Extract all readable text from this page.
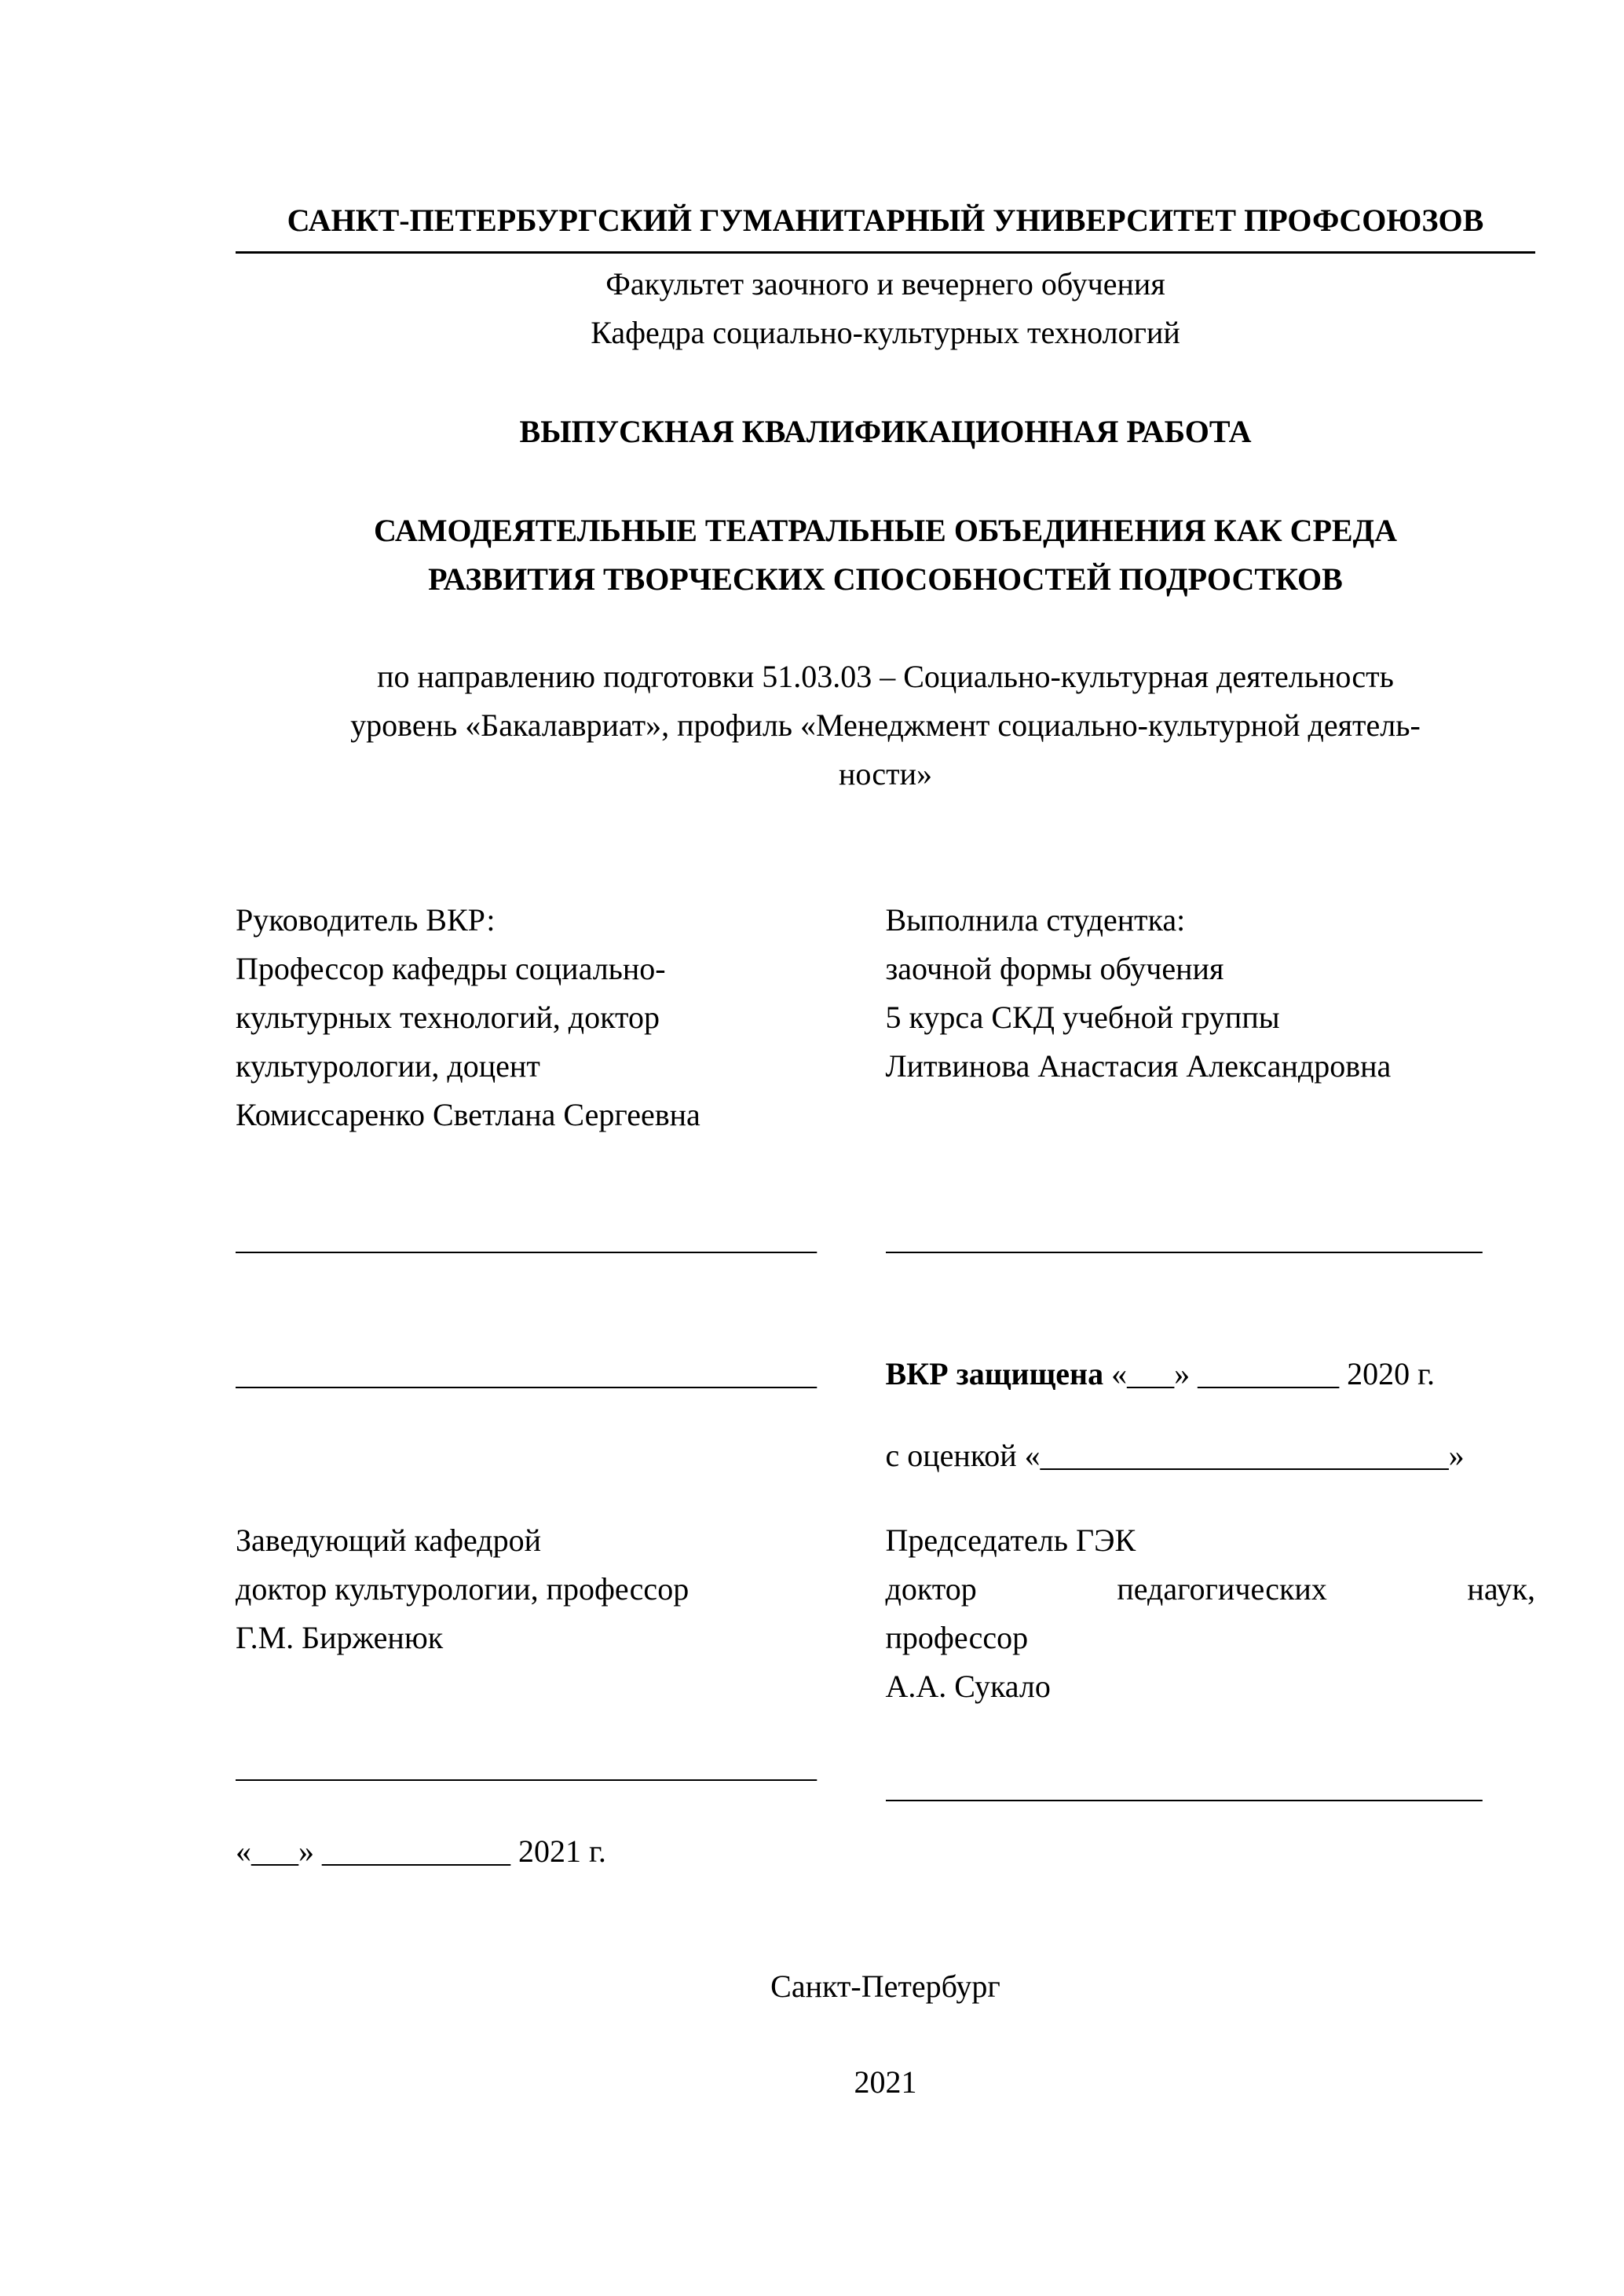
САНКТ-ПЕТЕРБУРГСКИЙ ГУМАНИТАРНЫЙ УНИВЕРСИТЕТ ПРОФСОЮЗОВ
Факультет заочного и вечернего обучения
Кафедра социально-культурных технологий
ВЫПУСКНАЯ КВАЛИФИКАЦИОННАЯ РАБОТА
САМОДЕЯТЕЛЬНЫЕ ТЕАТРАЛЬНЫЕ ОБЪЕДИНЕНИЯ КАК СРЕДА
РАЗВИТИЯ ТВОРЧЕСКИХ СПОСОБНОСТЕЙ ПОДРОСТКОВ
по направлению подготовки 51.03.03 – Социально-культурная деятельность
уровень «Бакалавриат», профиль «Менеджмент социально-культурной деятель-
ности»
Руководитель ВКР:
Профессор кафедры социально-
культурных технологий, доктор
культурологии, доцент
Комиссаренко Светлана Сергеевна
Выполнила студентка:
заочной формы обучения
5 курса СКД учебной группы
Литвинова Анастасия Александровна
_____________________________________	______________________________________
_____________________________________	ВКР защищена «___» _________ 2020 г.
с оценкой «__________________________»
Заведующий кафедрой
доктор культурологии, профессор
Г.М. Бирженюк
Председатель ГЭК
доктор педагогических наук,
профессор
А.А. Сукало
_____________________________________
______________________________________
«___» ____________ 2021 г.
Санкт-Петербург
2021
